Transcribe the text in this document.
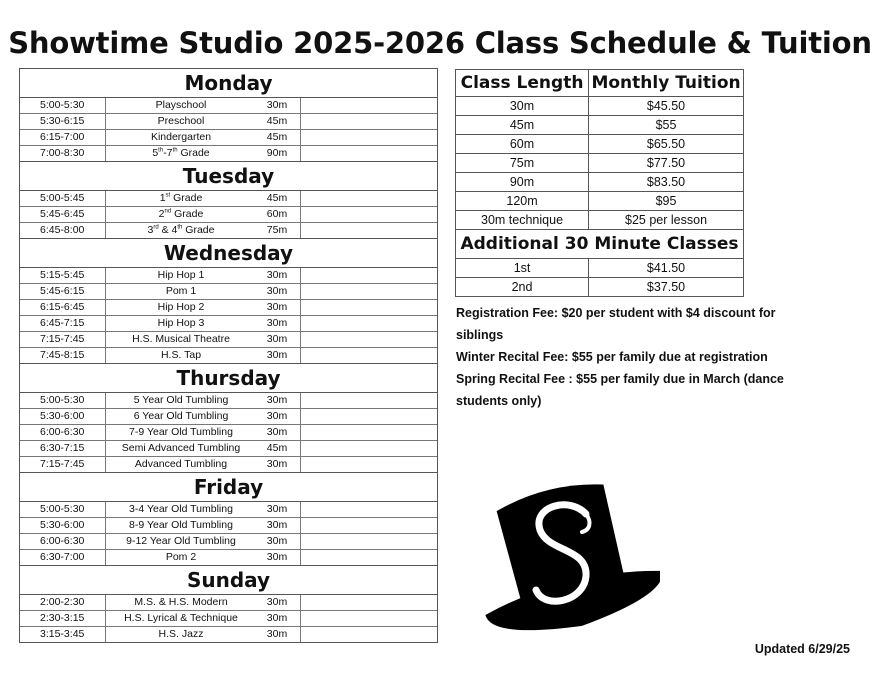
Showtime Studio 2025-2026 Class Schedule & Tuition
Monday
5:00-5:30	Playschool	30m
5:30-6:15	Preschool	45m
6:15-7:00	Kindergarten	45m
7:00-8:30	5th-7th Grade	90m
Tuesday
5:00-5:45	1st Grade	45m
5:45-6:45	2nd Grade	60m
6:45-8:00	3rd & 4th Grade	75m
Wednesday
5:15-5:45	Hip Hop 1	30m
5:45-6:15	Pom 1	30m
6:15-6:45	Hip Hop 2	30m
6:45-7:15	Hip Hop 3	30m
7:15-7:45	H.S. Musical Theatre	30m
7:45-8:15	H.S. Tap	30m
Thursday
5:00-5:30	5 Year Old Tumbling	30m
5:30-6:00	6 Year Old Tumbling	30m
6:00-6:30	7-9 Year Old Tumbling	30m
6:30-7:15	Semi Advanced Tumbling	45m
7:15-7:45	Advanced Tumbling	30m
Friday
5:00-5:30	3-4 Year Old Tumbling	30m
5:30-6:00	8-9 Year Old Tumbling	30m
6:00-6:30	9-12 Year Old Tumbling	30m
6:30-7:00	Pom 2	30m
Sunday
2:00-2:30	M.S. & H.S. Modern	30m
2:30-3:15	H.S. Lyrical & Technique	30m
3:15-3:45	H.S. Jazz	30m
Class Length	Monthly Tuition
30m	$45.50
45m	$55
60m	$65.50
75m	$77.50
90m	$83.50
120m	$95
30m technique	$25 per lesson
Additional 30 Minute Classes	
1st	$41.50
2nd	$37.50

Registration Fee: $20 per student with $4 discount for siblings

Winter Recital Fee: $55 per family due at registration

Spring Recital Fee : $55 per family due in March (dance students only)

Updated 6/29/25
